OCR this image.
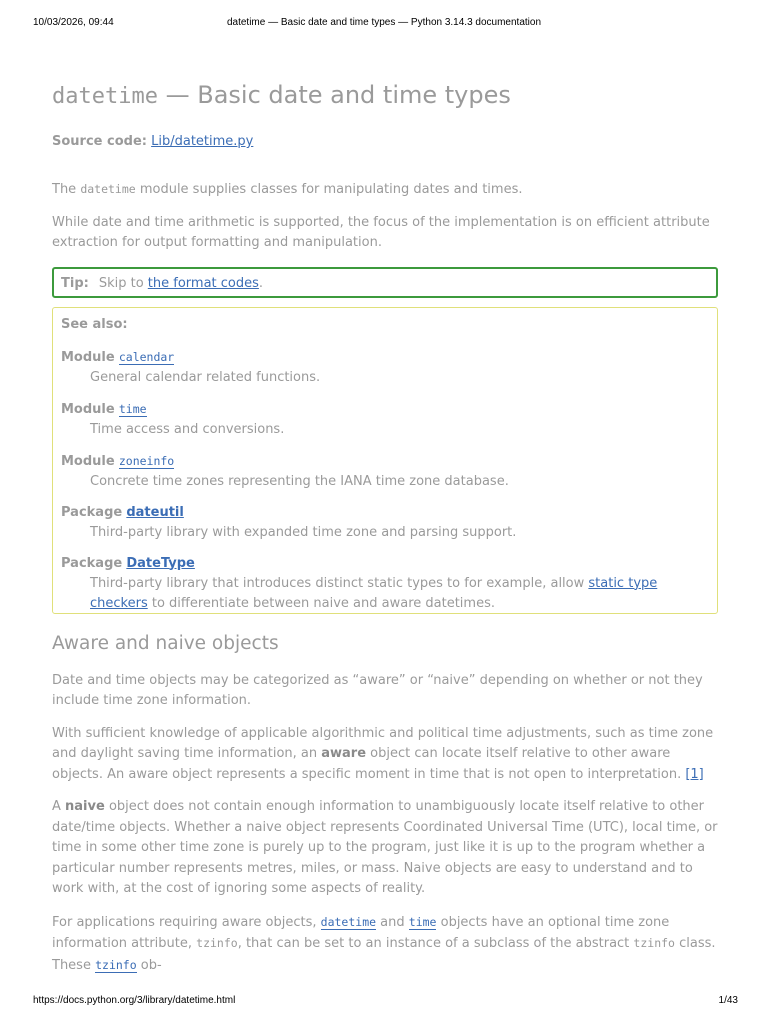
10/03/2026, 09:44	datetime — Basic date and time types — Python 3.14.3 documentation
datetime — Basic date and time types
Source code: Lib/datetime.py

The datetime module supplies classes for manipulating dates and times.

While date and time arithmetic is supported, the focus of the implementation is on efficient attribute extraction for output formatting and manipulation.

Tip: Skip to the format codes.
See also:
Module calendar
General calendar related functions.
Module time
Time access and conversions.
Module zoneinfo
Concrete time zones representing the IANA time zone database.
Package dateutil
Third-party library with expanded time zone and parsing support.
Package DateType
Third-party library that introduces distinct static types to for example, allow static type checkers to differentiate between naive and aware datetimes.
Aware and naive objects

Date and time objects may be categorized as “aware” or “naive” depending on whether or not they include time zone information.

With sufficient knowledge of applicable algorithmic and political time adjustments, such as time zone and daylight saving time information, an aware object can locate itself relative to other aware objects. An aware object represents a specific moment in time that is not open to interpretation. [1]

A naive object does not contain enough information to unambiguously locate itself relative to other date/time objects. Whether a naive object represents Coordinated Universal Time (UTC), local time, or time in some other time zone is purely up to the program, just like it is up to the program whether a particular number represents metres, miles, or mass. Naive objects are easy to understand and to work with, at the cost of ignoring some aspects of reality.

For applications requiring aware objects, datetime and time objects have an optional time zone information attribute, tzinfo, that can be set to an instance of a subclass of the abstract tzinfo class. These tzinfo ob-

https://docs.python.org/3/library/datetime.html	1/43
